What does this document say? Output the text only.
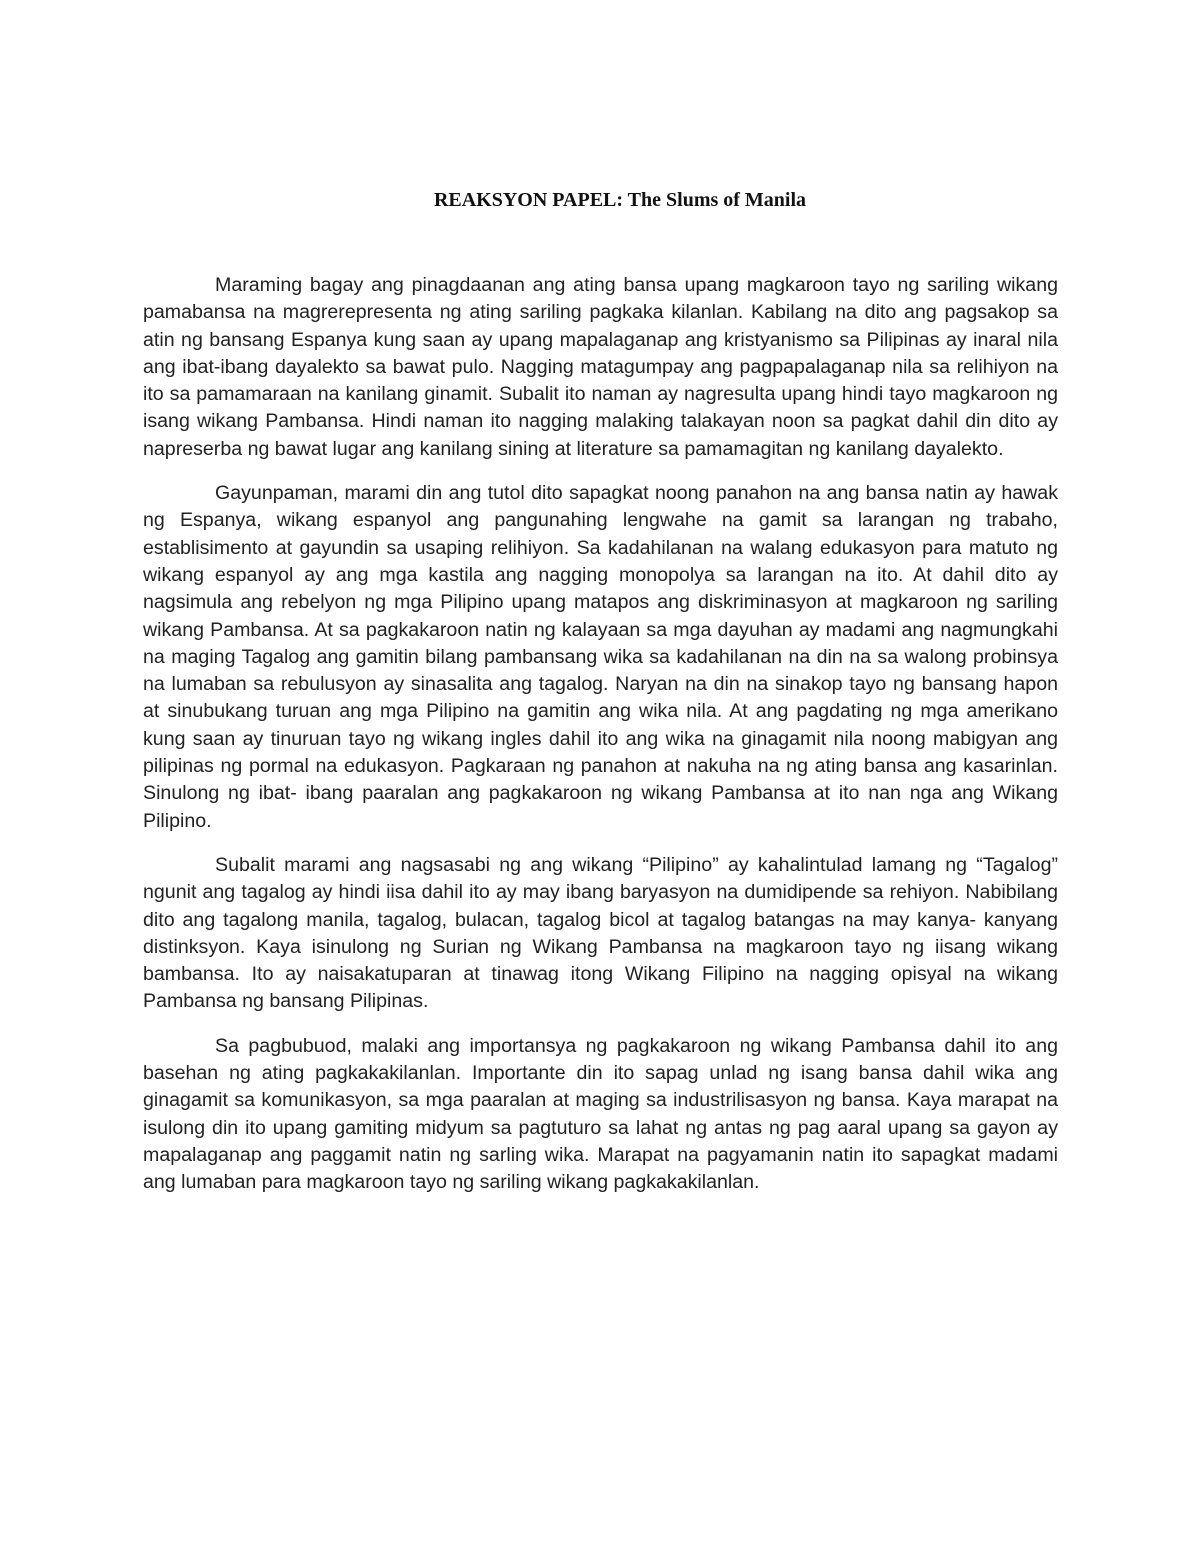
REAKSYON PAPEL: The Slums of Manila

Maraming bagay ang pinagdaanan ang ating bansa upang magkaroon tayo ng sariling wikang pamabansa na magrerepresenta ng ating sariling pagkaka kilanlan. Kabilang na dito ang pagsakop sa atin ng bansang Espanya kung saan ay upang mapalaganap ang kristyanismo sa Pilipinas ay inaral nila ang ibat-ibang dayalekto sa bawat pulo. Nagging matagumpay ang pagpapalaganap nila sa relihiyon na ito sa pamamaraan na kanilang ginamit. Subalit ito naman ay nagresulta upang hindi tayo magkaroon ng isang wikang Pambansa. Hindi naman ito nagging malaking talakayan noon sa pagkat dahil din dito ay napreserba ng bawat lugar ang kanilang sining at literature sa pamamagitan ng kanilang dayalekto.

Gayunpaman, marami din ang tutol dito sapagkat noong panahon na ang bansa natin ay hawak ng Espanya, wikang espanyol ang pangunahing lengwahe na gamit sa larangan ng trabaho, establisimento at gayundin sa usaping relihiyon. Sa kadahilanan na walang edukasyon para matuto ng wikang espanyol ay ang mga kastila ang nagging monopolya sa larangan na ito. At dahil dito ay nagsimula ang rebelyon ng mga Pilipino upang matapos ang diskriminasyon at magkaroon ng sariling wikang Pambansa. At sa pagkakaroon natin ng kalayaan sa mga dayuhan ay madami ang nagmungkahi na maging Tagalog ang gamitin bilang pambansang wika sa kadahilanan na din na sa walong probinsya na lumaban sa rebulusyon ay sinasalita ang tagalog. Naryan na din na sinakop tayo ng bansang hapon at sinubukang turuan ang mga Pilipino na gamitin ang wika nila. At ang pagdating ng mga amerikano kung saan ay tinuruan tayo ng wikang ingles dahil ito ang wika na ginagamit nila noong mabigyan ang pilipinas ng pormal na edukasyon. Pagkaraan ng panahon at nakuha na ng ating bansa ang kasarinlan. Sinulong ng ibat- ibang paaralan ang pagkakaroon ng wikang Pambansa at ito nan nga ang Wikang Pilipino.

Subalit marami ang nagsasabi ng ang wikang “Pilipino” ay kahalintulad lamang ng “Tagalog” ngunit ang tagalog ay hindi iisa dahil ito ay may ibang baryasyon na dumidipende sa rehiyon. Nabibilang dito ang tagalong manila, tagalog, bulacan, tagalog bicol at tagalog batangas na may kanya- kanyang distinksyon. Kaya isinulong ng Surian ng Wikang Pambansa na magkaroon tayo ng iisang wikang bambansa. Ito ay naisakatuparan at tinawag itong Wikang Filipino na nagging opisyal na wikang Pambansa ng bansang Pilipinas.

Sa pagbubuod, malaki ang importansya ng pagkakaroon ng wikang Pambansa dahil ito ang basehan ng ating pagkakakilanlan. Importante din ito sapag unlad ng isang bansa dahil wika ang ginagamit sa komunikasyon, sa mga paaralan at maging sa industrilisasyon ng bansa. Kaya marapat na isulong din ito upang gamiting midyum sa pagtuturo sa lahat ng antas ng pag aaral upang sa gayon ay mapalaganap ang paggamit natin ng sarling wika. Marapat na pagyamanin natin ito sapagkat madami ang lumaban para magkaroon tayo ng sariling wikang pagkakakilanlan.
